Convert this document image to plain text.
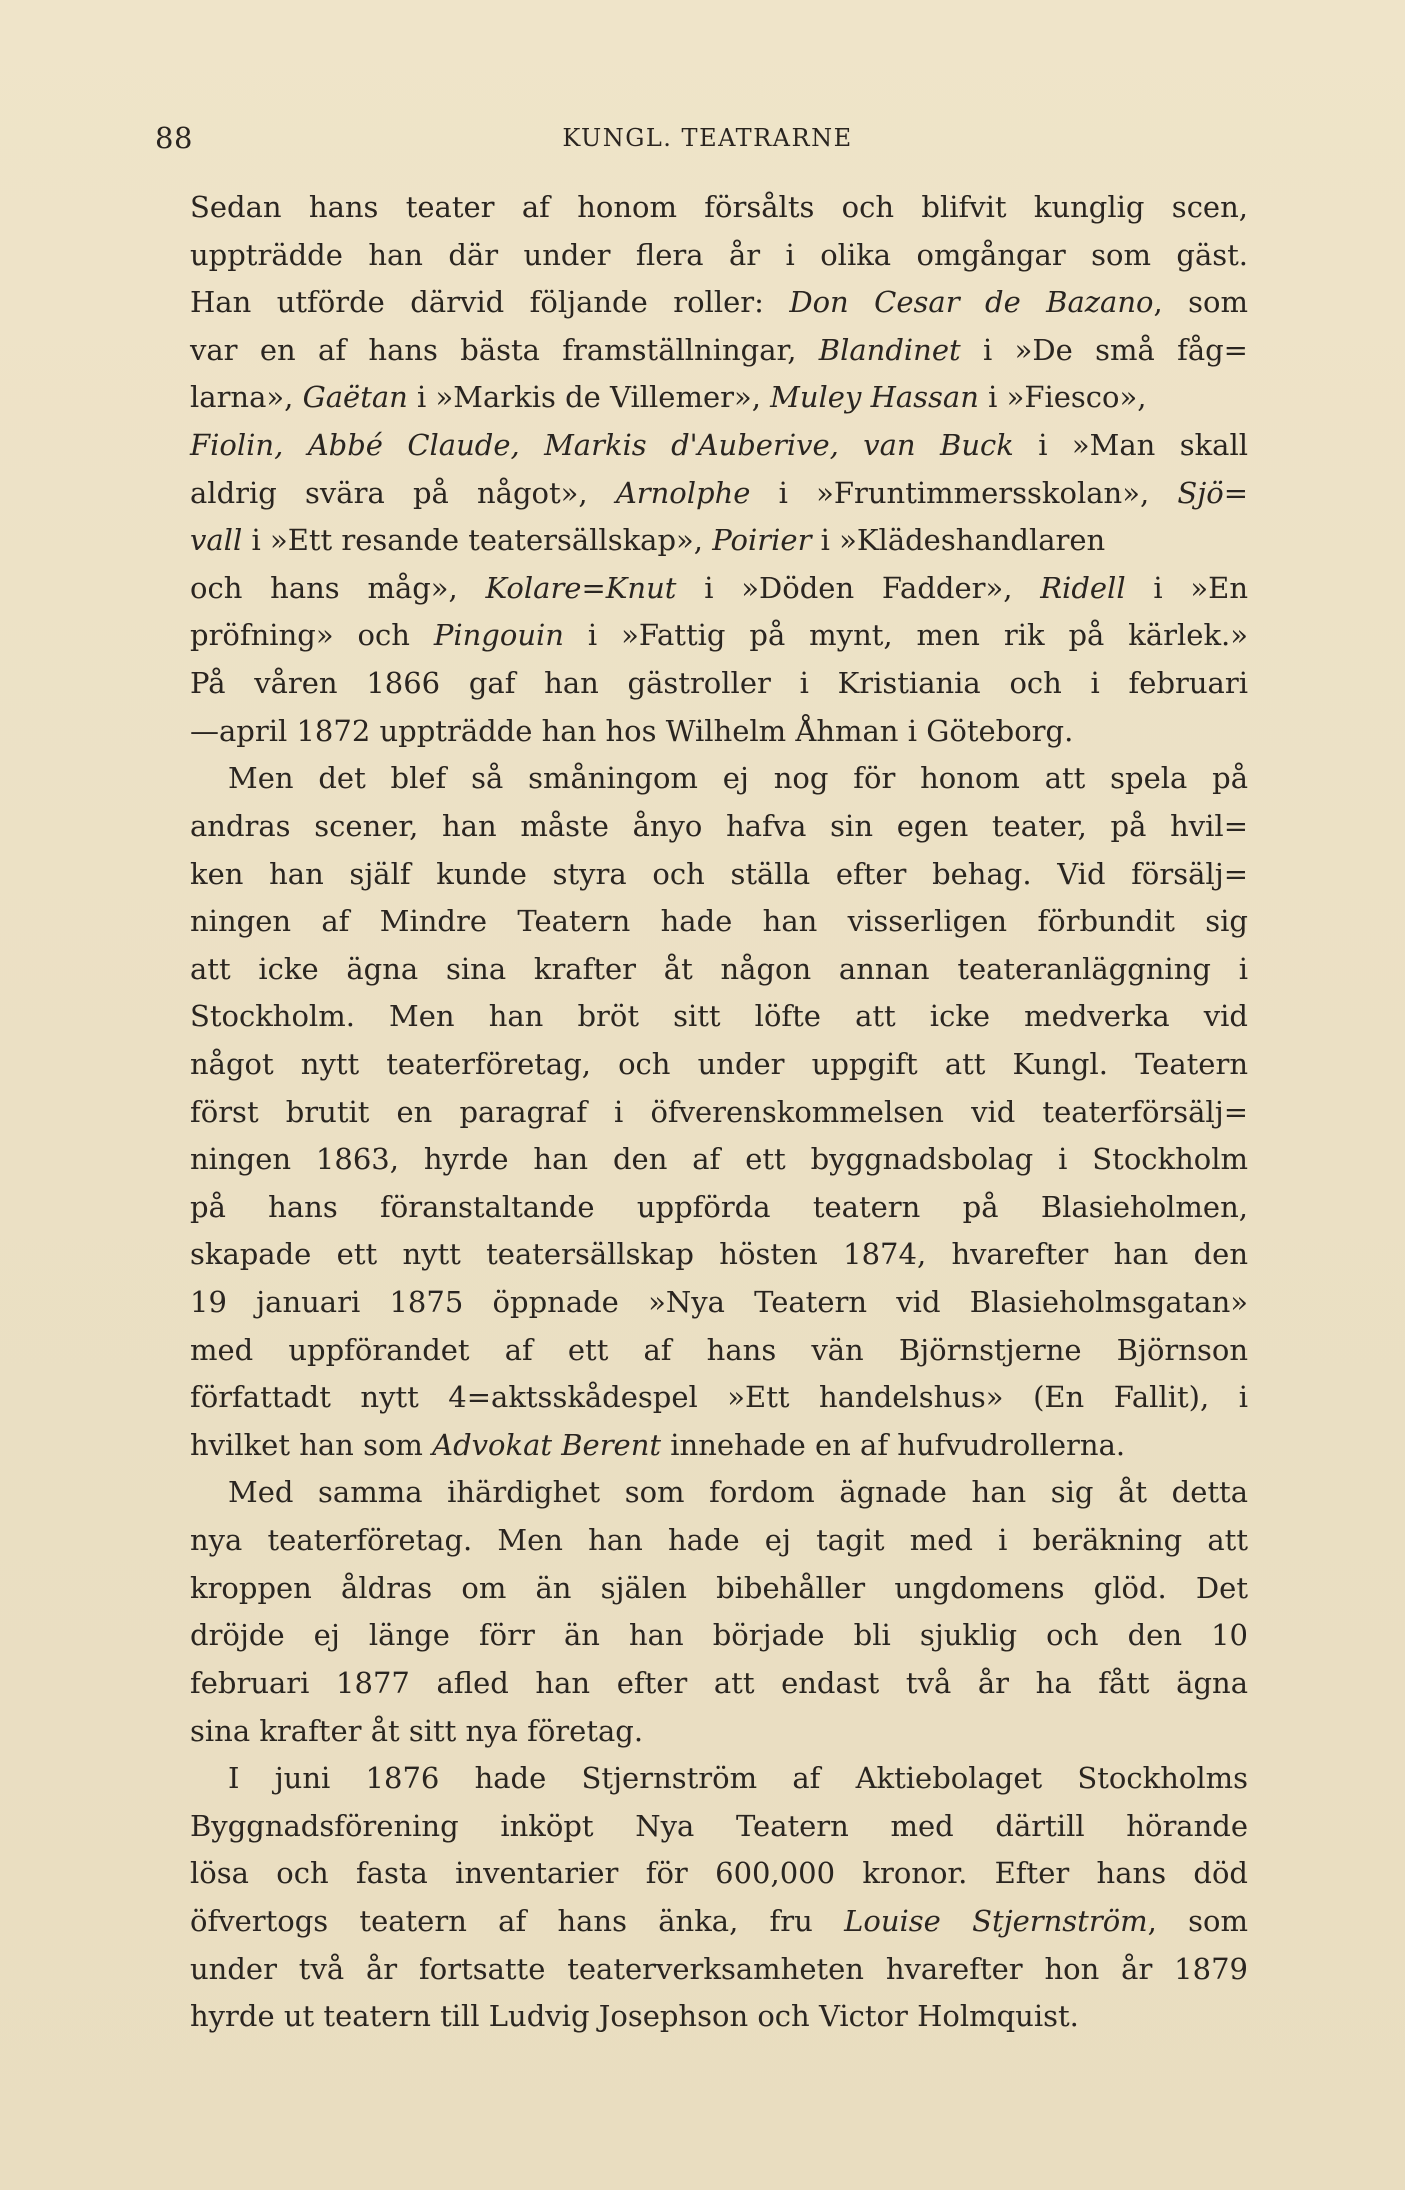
88	KUNGL. TEATRARNE
Sedan hans teater af honom försålts och blifvit kunglig scen,
uppträdde han där under flera år i olika omgångar som gäst.
Han utförde därvid följande roller: Don Cesar de Bazano, som
var en af hans bästa framställningar, Blandinet i »De små fåg=
larna», Gaëtan i »Markis de Villemer», Muley Hassan i »Fiesco»,
Fiolin, Abbé Claude, Markis d'Auberive, van Buck i »Man skall
aldrig svära på något», Arnolphe i »Fruntimmersskolan», Sjö=
vall i »Ett resande teatersällskap», Poirier i »Klädeshandlaren
och hans måg», Kolare=Knut i »Döden Fadder», Ridell i »En
pröfning» och Pingouin i »Fattig på mynt, men rik på kärlek.»
På våren 1866 gaf han gästroller i Kristiania och i februari
—april 1872 uppträdde han hos Wilhelm Åhman i Göteborg.
Men det blef så småningom ej nog för honom att spela på
andras scener, han måste ånyo hafva sin egen teater, på hvil=
ken han själf kunde styra och ställa efter behag. Vid försälj=
ningen af Mindre Teatern hade han visserligen förbundit sig
att icke ägna sina krafter åt någon annan teateranläggning i
Stockholm. Men han bröt sitt löfte att icke medverka vid
något nytt teaterföretag, och under uppgift att Kungl. Teatern
först brutit en paragraf i öfverenskommelsen vid teaterförsälj=
ningen 1863, hyrde han den af ett byggnadsbolag i Stockholm
på hans föranstaltande uppförda teatern på Blasieholmen,
skapade ett nytt teatersällskap hösten 1874, hvarefter han den
19 januari 1875 öppnade »Nya Teatern vid Blasieholmsgatan»
med uppförandet af ett af hans vän Björnstjerne Björnson
författadt nytt 4=aktsskådespel »Ett handelshus» (En Fallit), i
hvilket han som Advokat Berent innehade en af hufvudrollerna.
Med samma ihärdighet som fordom ägnade han sig åt detta
nya teaterföretag. Men han hade ej tagit med i beräkning att
kroppen åldras om än själen bibehåller ungdomens glöd. Det
dröjde ej länge förr än han började bli sjuklig och den 10
februari 1877 afled han efter att endast två år ha fått ägna
sina krafter åt sitt nya företag.
I juni 1876 hade Stjernström af Aktiebolaget Stockholms
Byggnadsförening inköpt Nya Teatern med därtill hörande
lösa och fasta inventarier för 600,000 kronor. Efter hans död
öfvertogs teatern af hans änka, fru Louise Stjernström, som
under två år fortsatte teaterverksamheten hvarefter hon år 1879
hyrde ut teatern till Ludvig Josephson och Victor Holmquist.
